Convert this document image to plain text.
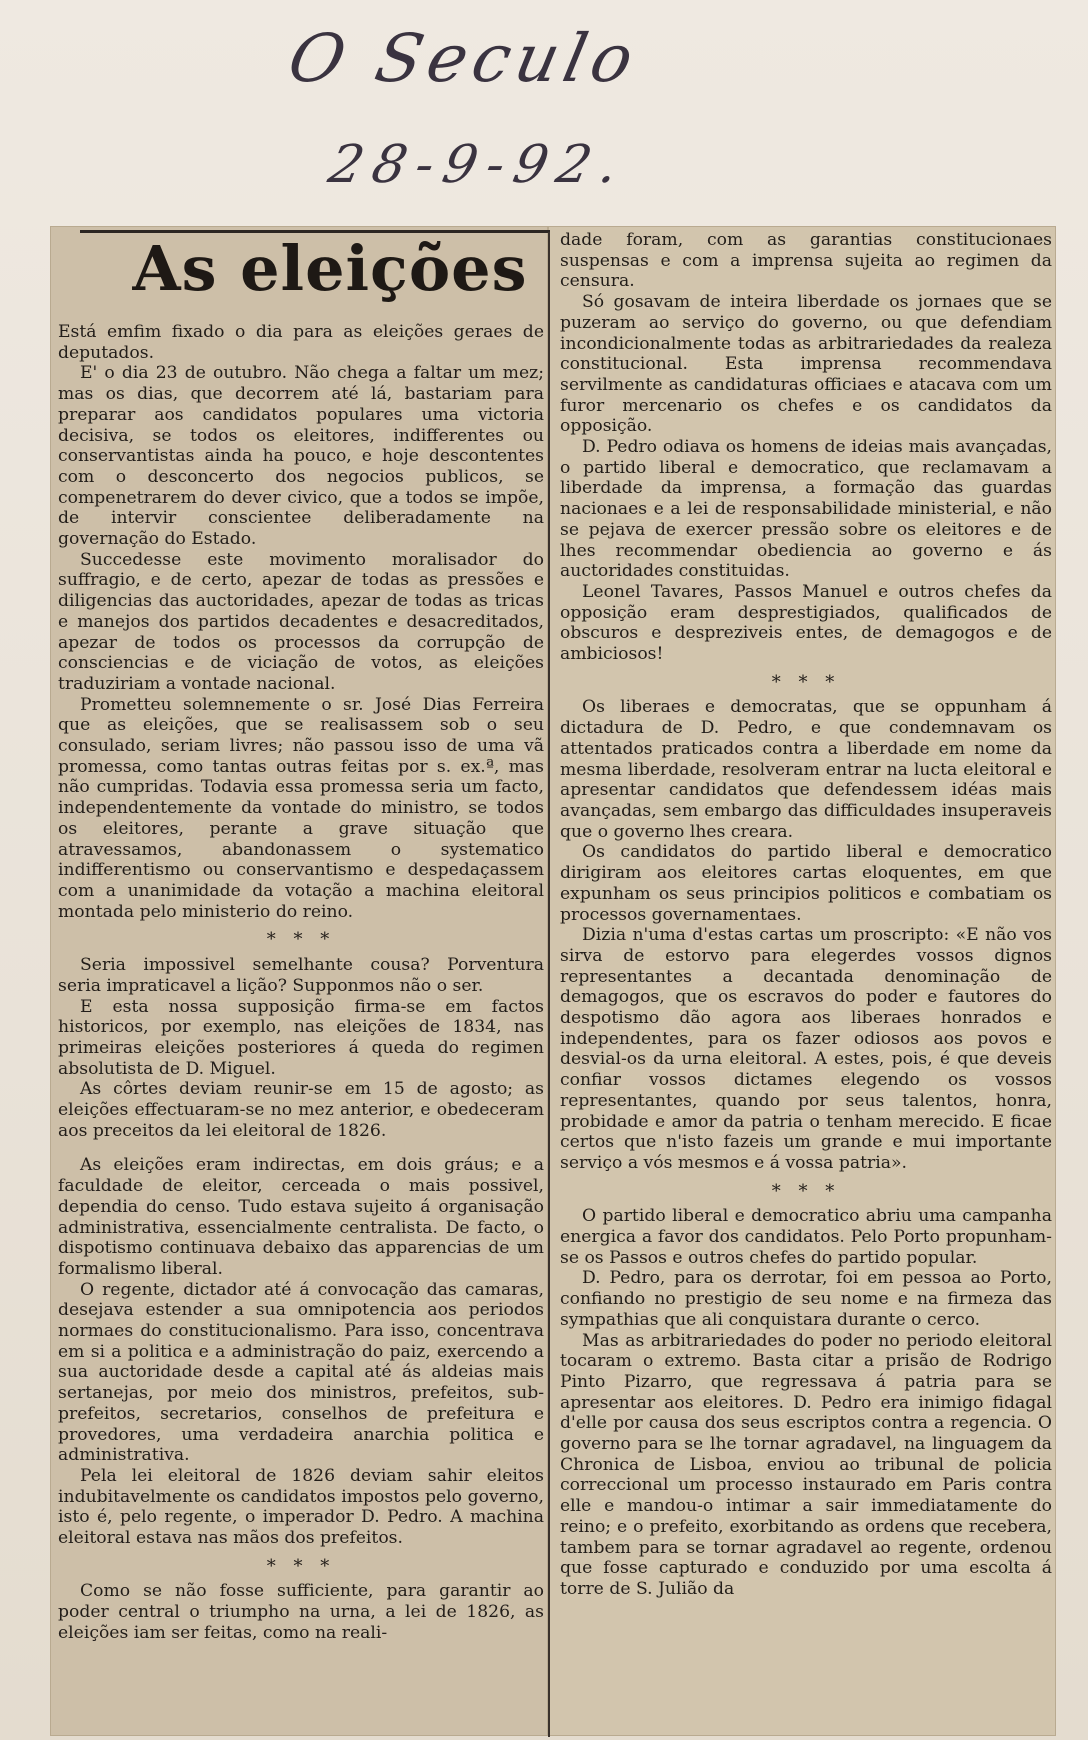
O Seculo
28-9-92.
As eleições

Está emfim fixado o dia para as eleições geraes de deputados.

E' o dia 23 de outubro. Não chega a faltar um mez; mas os dias, que decorrem até lá, bastariam para preparar aos candidatos populares uma victoria decisiva, se todos os eleitores, indifferentes ou conservantistas ainda ha pouco, e hoje descontentes com o desconcerto dos negocios publicos, se compenetrarem do dever civico, que a todos se impõe, de intervir conscienteе deliberadamente na governação do Estado.

Succedesse este movimento moralisador do suffragio, e de certo, apezar de todas as pressões e diligencias das auctoridades, apezar de todas as tricas e manejos dos partidos decadentes e desacreditados, apezar de todos os processos da corrupção de consciencias e de viciação de votos, as eleições traduziriam a vontade nacional.

Prometteu solemnemente o sr. José Dias Ferreira que as eleições, que se realisassem sob o seu consulado, seriam livres; não passou isso de uma vã promessa, como tantas outras feitas por s. ex.ª, mas não cumpridas. Todavia essa promessa seria um facto, independentemente da vontade do ministro, se todos os eleitores, perante a grave situação que atravessamos, abandonassem o systematico indifferentismo ou conservantismo e despedaçassem com a unanimidade da votação a machina eleitoral montada pelo ministerio do reino.

* * *

Seria impossivel semelhante cousa? Porventura seria impraticavel a lição? Supponmos não o ser.

E esta nossa supposição firma-se em factos historicos, por exemplo, nas eleições de 1834, nas primeiras eleições posteriores á queda do regimen absolutista de D. Miguel.

As côrtes deviam reunir-se em 15 de agosto; as eleições effectuaram-se no mez anterior, e obedeceram aos preceitos da lei eleitoral de 1826.

As eleições eram indirectas, em dois gráus; e a faculdade de eleitor, cerceada o mais possivel, dependia do censo. Tudo estava sujeito á organisação administrativa, essencialmente centralista. De facto, o dispotismo continuava debaixo das apparencias de um formalismo liberal.

O regente, dictador até á convocação das camaras, desejava estender a sua omnipotencia aos periodos normaes do constitucionalismo. Para isso, concentrava em si a politica e a administração do paiz, exercendo a sua auctoridade desde a capital até ás aldeias mais sertanejas, por meio dos ministros, prefeitos, sub-prefeitos, secretarios, conselhos de prefeitura e provedores, uma verdadeira anarchia politica e administrativa.

Pela lei eleitoral de 1826 deviam sahir eleitos indubitavelmente os candidatos impostos pelo governo, isto é, pelo regente, o imperador D. Pedro. A machina eleitoral estava nas mãos dos prefeitos.

* * *

Como se não fosse sufficiente, para garantir ao poder central o triumpho na urna, a lei de 1826, as eleições iam ser feitas, como na reali-

dade foram, com as garantias constitucionaes suspensas e com a imprensa sujeita ao regimen da censura.

Só gosavam de inteira liberdade os jornaes que se puzeram ao serviço do governo, ou que defendiam incondicionalmente todas as arbitrariedades da realeza constitucional. Esta imprensa recommendava servilmente as candidaturas officiaes e atacava com um furor mercenario os chefes e os candidatos da opposição.

D. Pedro odiava os homens de ideias mais avançadas, o partido liberal e democratico, que reclamavam a liberdade da imprensa, a formação das guardas nacionaes e a lei de responsabilidade ministerial, e não se pejava de exercer pressão sobre os eleitores e de lhes recommendar obediencia ao governo e ás auctoridades constituidas.

Leonel Tavares, Passos Manuel e outros chefes da opposição eram desprestigiados, qualificados de obscuros e despreziveis entes, de demagogos e de ambiciosos!

* * *

Os liberaes e democratas, que se oppunham á dictadura de D. Pedro, e que condemnavam os attentados praticados contra a liberdade em nome da mesma liberdade, resolveram entrar na lucta eleitoral e apresentar candidatos que defendessem idéas mais avançadas, sem embargo das difficuldades insuperaveis que o governo lhes creara.

Os candidatos do partido liberal e democratico dirigiram aos eleitores cartas eloquentes, em que expunham os seus principios politicos e combatiam os processos governamentaes.

Dizia n'uma d'estas cartas um proscripto: «E não vos sirva de estorvo para elegerdes vossos dignos representantes a decantada denominação de demagogos, que os escravos do poder e fautores do despotismo dão agora aos liberaes honrados e independentes, para os fazer odiosos aos povos e desvial-os da urna eleitoral. A estes, pois, é que deveis confiar vossos dictames elegendo os vossos representantes, quando por seus talentos, honra, probidade e amor da patria o tenham merecido. E ficae certos que n'isto fazeis um grande e mui importante serviço a vós mesmos e á vossa patria».

* * *

O partido liberal e democratico abriu uma campanha energica a favor dos candidatos. Pelo Porto propunham-se os Passos e outros chefes do partido popular.

D. Pedro, para os derrotar, foi em pessoa ao Porto, confiando no prestigio de seu nome e na firmeza das sympathias que ali conquistara durante o cerco.

Mas as arbitrariedades do poder no periodo eleitoral tocaram o extremo. Basta citar a prisão de Rodrigo Pinto Pizarro, que regressava á patria para se apresentar aos eleitores. D. Pedro era inimigo fidagal d'elle por causa dos seus escriptos contra a regencia. O governo para se lhe tornar agradavel, na linguagem da Chronica de Lisboa, enviou ao tribunal de policia correccional um processo instaurado em Paris contra elle e mandou-o intimar a sair immediatamente do reino; e o prefeito, exorbitando as ordens que recebera, tambem para se tornar agradavel ao regente, ordenou que fosse capturado e conduzido por uma escolta á torre de S. Julião da
